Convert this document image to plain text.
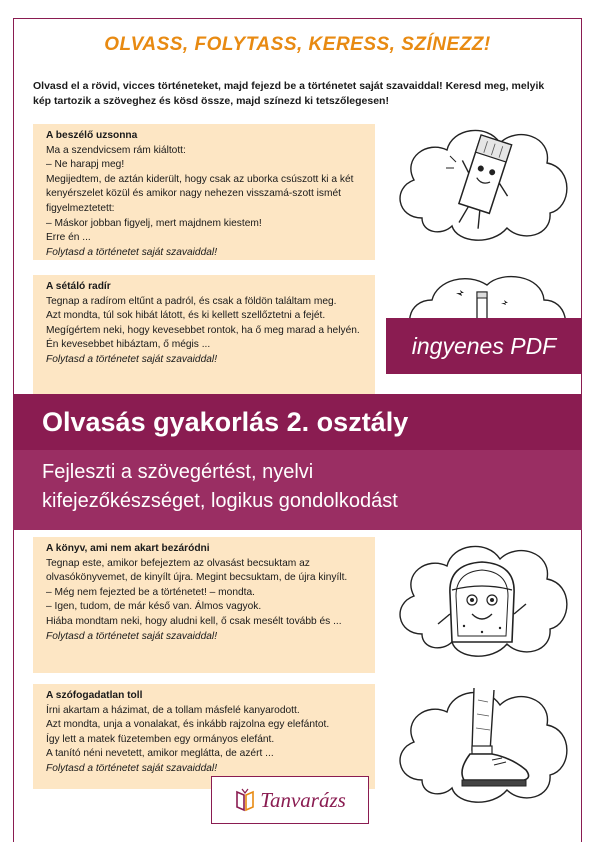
OLVASS, FOLYTASS, KERESS, SZÍNEZZ!
Olvasd el a rövid, vicces történeteket, majd fejezd be a történetet saját szavaiddal! Keresd meg, melyik kép tartozik a szöveghez és kösd össze, majd színezd ki tetszőlegesen!
A beszélő uzsonna
Ma a szendvicsem rám kiáltott:
– Ne harapj meg!
Megijedtem, de aztán kiderült, hogy csak az uborka csúszott ki a két kenyérszelet közül és amikor nagy nehezen visszamá-szott ismét figyelmeztetett:
– Máskor jobban figyelj, mert majdnem kiestem!
Erre én ...
Folytasd a történetet saját szavaiddal!
A sétáló radír
Tegnap a radírom eltűnt a padról, és csak a földön találtam meg.
Azt mondta, túl sok hibát látott, és ki kellett szellőztetni a fejét.
Megígértem neki, hogy kevesebbet rontok, ha ő meg marad a helyén.
Én kevesebbet hibáztam, ő mégis ...
Folytasd a történetet saját szavaiddal!
A könyv, ami nem akart bezáródni
Tegnap este, amikor befejeztem az olvasást becsuktam az olvasókönyvemet, de kinyílt újra. Megint becsuktam, de újra kinyílt.
– Még nem fejezted be a történetet! – mondta.
– Igen, tudom, de már késő van. Álmos vagyok.
Hiába mondtam neki, hogy aludni kell, ő csak mesélt tovább és ...
Folytasd a történetet saját szavaiddal!
A szófogadatlan toll
Írni akartam a házimat, de a tollam másfelé kanyarodott.
Azt mondta, unja a vonalakat, és inkább rajzolna egy elefántot.
Így lett a matek füzetemben egy ormányos elefánt.
A tanító néni nevetett, amikor meglátta, de azért ...
Folytasd a történetet saját szavaiddal!
ingyenes PDF
Olvasás gyakorlás 2. osztály
Fejleszti a szövegértést, nyelvi
kifejezőkészséget, logikus gondolkodást
Tanvarázs
